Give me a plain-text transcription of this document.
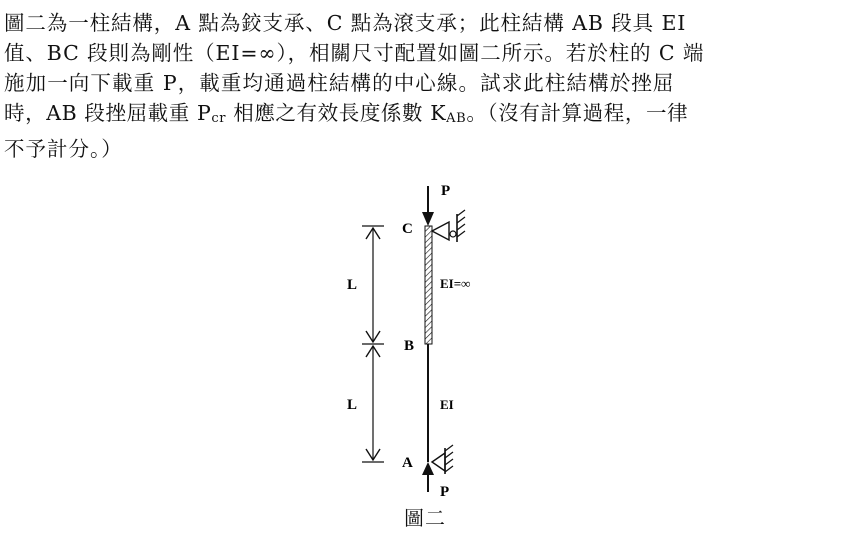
圖二為一柱結構，A 點為鉸支承、C 點為滾支承；此柱結構 AB 段具 EI
值、BC 段則為剛性（EI=∞），相關尺寸配置如圖二所示。若於柱的 C 端
施加一向下載重 P，載重均通過柱結構的中心線。試求此柱結構於挫屈
時，AB 段挫屈載重 Pcr 相應之有效長度係數 KAB。（沒有計算過程，一律
不予計分。）
P
P
C
B
A
EI=∞
EI
L
L
圖二
